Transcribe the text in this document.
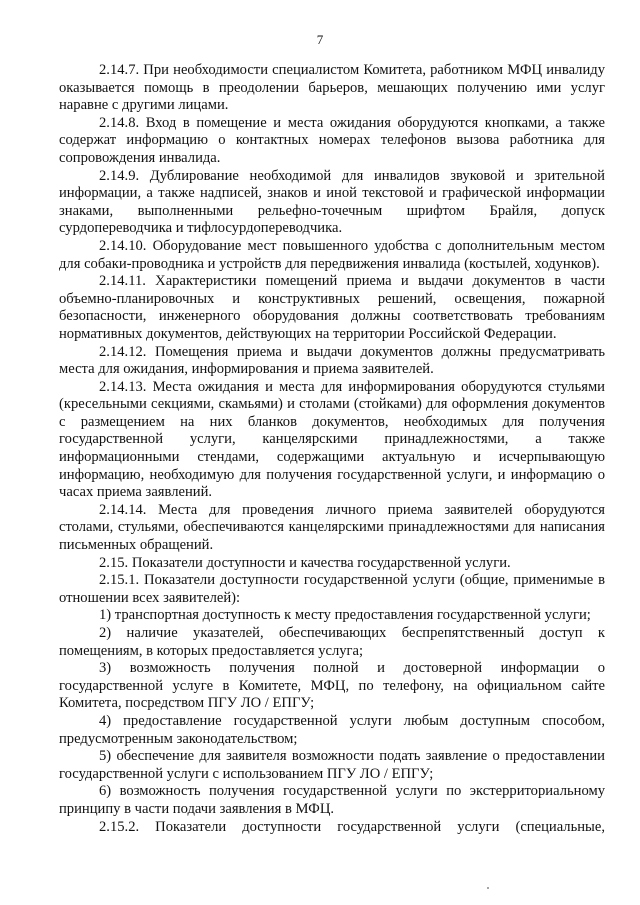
7

2.14.7. При необходимости специалистом Комитета, работником МФЦ инвалиду оказывается помощь в преодолении барьеров, мешающих получению ими услуг наравне с другими лицами.

2.14.8. Вход в помещение и места ожидания оборудуются кнопками, а также содержат информацию о контактных номерах телефонов вызова работника для сопровождения инвалида.

2.14.9. Дублирование необходимой для инвалидов звуковой и зрительной информации, а также надписей, знаков и иной текстовой и графической информации знаками, выполненными рельефно-точечным шрифтом Брайля, допуск сурдопереводчика и тифлосурдопереводчика.

2.14.10. Оборудование мест повышенного удобства с дополнительным местом для собаки-проводника и устройств для передвижения инвалида (костылей, ходунков).

2.14.11. Характеристики помещений приема и выдачи документов в части объемно-планировочных и конструктивных решений, освещения, пожарной безопасности, инженерного оборудования должны соответствовать требованиям нормативных документов, действующих на территории Российской Федерации.

2.14.12. Помещения приема и выдачи документов должны предусматривать места для ожидания, информирования и приема заявителей.

2.14.13. Места ожидания и места для информирования оборудуются стульями (кресельными секциями, скамьями) и столами (стойками) для оформления документов с размещением на них бланков документов, необходимых для получения государственной услуги, канцелярскими принадлежностями, а также информационными стендами, содержащими актуальную и исчерпывающую информацию, необходимую для получения государственной услуги, и информацию о часах приема заявлений.

2.14.14. Места для проведения личного приема заявителей оборудуются столами, стульями, обеспечиваются канцелярскими принадлежностями для написания письменных обращений.

2.15. Показатели доступности и качества государственной услуги.

2.15.1. Показатели доступности государственной услуги (общие, применимые в отношении всех заявителей):

1) транспортная доступность к месту предоставления государственной услуги;

2) наличие указателей, обеспечивающих беспрепятственный доступ к помещениям, в которых предоставляется услуга;

3) возможность получения полной и достоверной информации о государственной услуге в Комитете, МФЦ, по телефону, на официальном сайте Комитета, посредством ПГУ ЛО / ЕПГУ;

4) предоставление государственной услуги любым доступным способом, предусмотренным законодательством;

5) обеспечение для заявителя возможности подать заявление о предоставлении государственной услуги с использованием ПГУ ЛО / ЕПГУ;

6) возможность получения государственной услуги по экстерриториальному принципу в части подачи заявления в МФЦ.

2.15.2. Показатели доступности государственной услуги (специальные,
